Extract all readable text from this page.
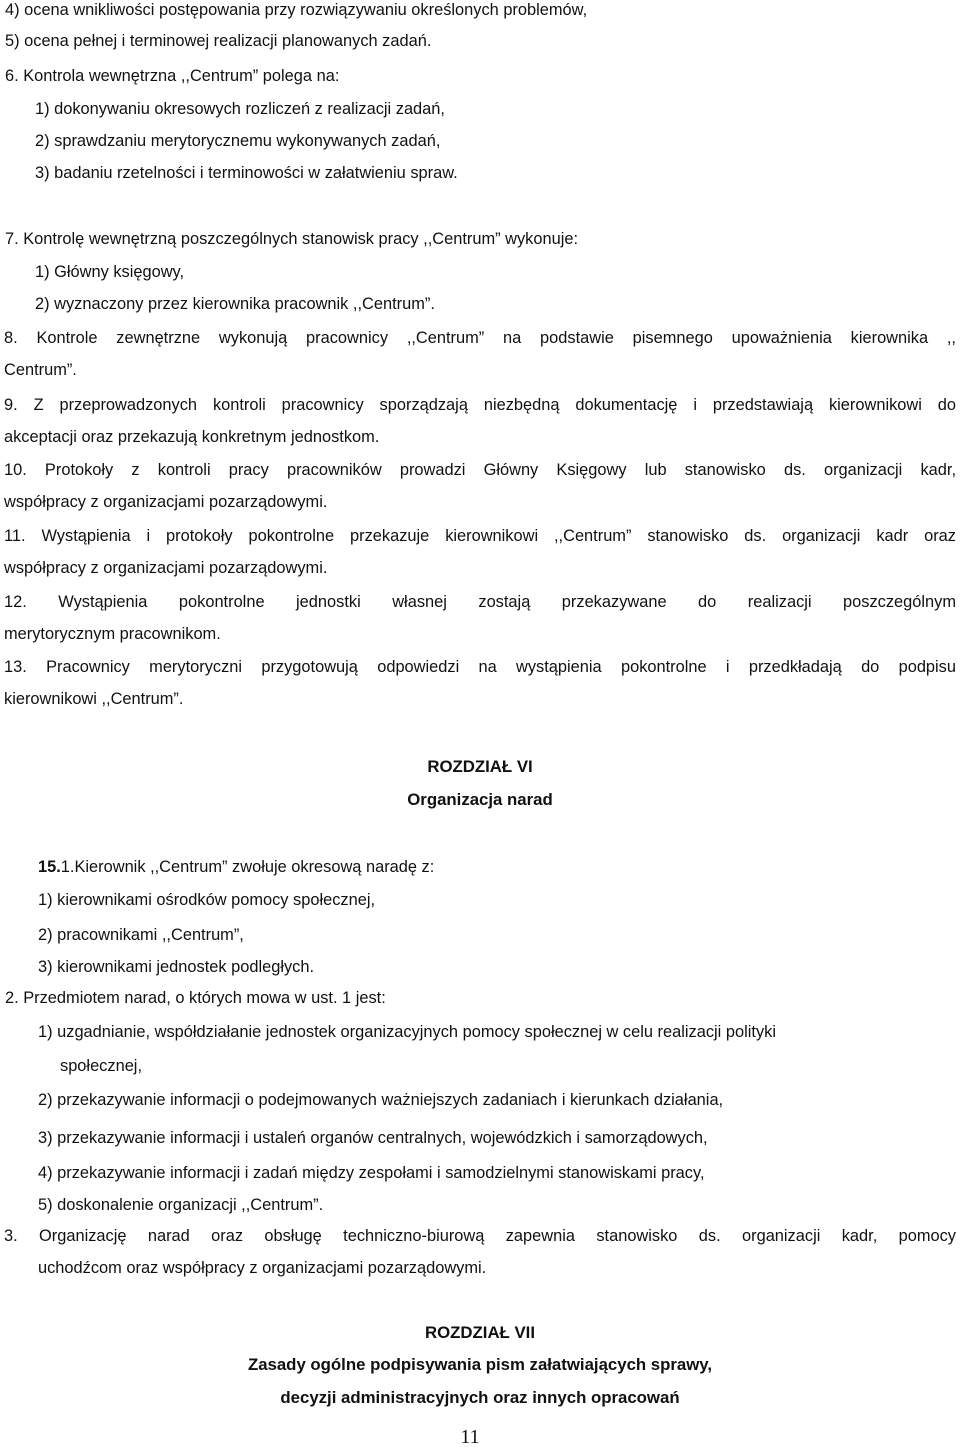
4) ocena wnikliwości postępowania przy rozwiązywaniu określonych problemów,
5) ocena pełnej i terminowej realizacji planowanych zadań.
6. Kontrola wewnętrzna ,,Centrum” polega na:
1) dokonywaniu okresowych rozliczeń z realizacji zadań,
2) sprawdzaniu merytorycznemu wykonywanych zadań,
3) badaniu rzetelności i terminowości w załatwieniu spraw.
7. Kontrolę wewnętrzną poszczególnych stanowisk pracy ,,Centrum” wykonuje:
1) Główny księgowy,
2) wyznaczony przez kierownika pracownik ,,Centrum”.
8. Kontrole zewnętrzne wykonują pracownicy ,,Centrum” na podstawie pisemnego upoważnienia kierownika ,,
Centrum”.
9. Z przeprowadzonych kontroli pracownicy sporządzają niezbędną dokumentację i przedstawiają kierownikowi do
akceptacji oraz przekazują konkretnym jednostkom.
10. Protokoły z kontroli pracy pracowników prowadzi Główny Księgowy lub stanowisko ds. organizacji kadr,
współpracy z organizacjami pozarządowymi.
11. Wystąpienia i protokoły pokontrolne przekazuje kierownikowi ,,Centrum” stanowisko ds. organizacji kadr oraz
współpracy z organizacjami pozarządowymi.
12. Wystąpienia pokontrolne jednostki własnej zostają przekazywane do realizacji poszczególnym
merytorycznym pracownikom.
13. Pracownicy merytoryczni przygotowują odpowiedzi na wystąpienia pokontrolne i przedkładają do podpisu
kierownikowi ,,Centrum”.
ROZDZIAŁ VI
Organizacja narad
15.1.Kierownik ,,Centrum” zwołuje okresową naradę z:
1) kierownikami ośrodków pomocy społecznej,
2) pracownikami ,,Centrum”,
3) kierownikami jednostek podległych.
2. Przedmiotem narad, o których mowa w ust. 1 jest:
1) uzgadnianie, współdziałanie jednostek organizacyjnych pomocy społecznej w celu realizacji polityki
społecznej,
2) przekazywanie informacji o podejmowanych ważniejszych zadaniach i kierunkach działania,
3) przekazywanie informacji i ustaleń organów centralnych, wojewódzkich i samorządowych,
4) przekazywanie informacji i zadań między zespołami i samodzielnymi stanowiskami pracy,
5) doskonalenie organizacji ,,Centrum”.
3. Organizację narad oraz obsługę techniczno-biurową zapewnia stanowisko ds. organizacji kadr, pomocy
uchodźcom oraz współpracy z organizacjami pozarządowymi.
ROZDZIAŁ VII
Zasady ogólne podpisywania pism załatwiających sprawy,
decyzji administracyjnych oraz innych opracowań
11
